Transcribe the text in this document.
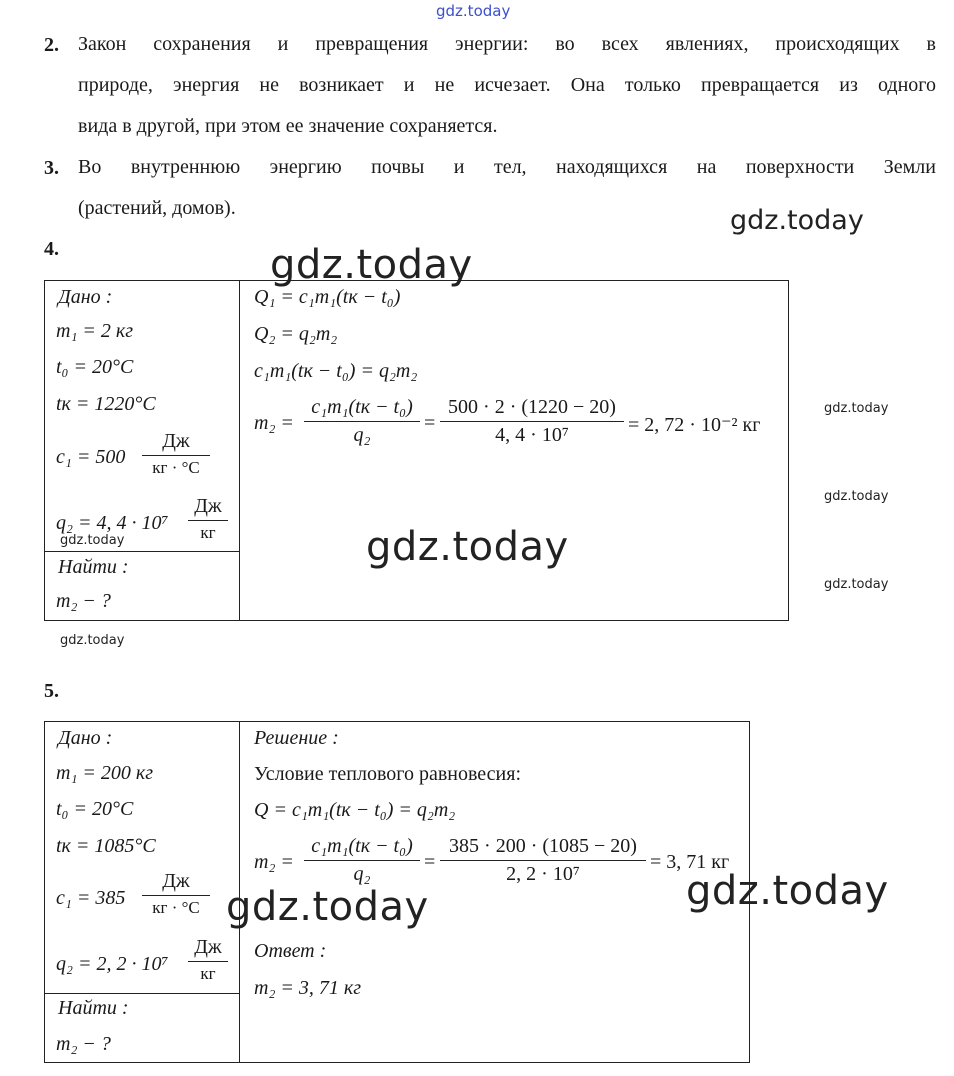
gdz.today
gdz.today
gdz.today
gdz.today
gdz.today
gdz.today
gdz.today
gdz.today
gdz.today
gdz.today
gdz.today
2. Закон сохранения и превращения энергии: во всех явлениях, происходящих в
природе, энергия не возникает и не исчезает. Она только превращается из одного
вида в другой, при этом ее значение сохраняется.
3. Во внутреннюю энергию почвы и тел, находящихся на поверхности Земли
(растений, домов).
4.
Дано :
m₁ = 2 кг
t₀ = 20°C
tк = 1220°C
c₁ = 500
Дж
кг · °C
q₂ = 4, 4 · 10⁷
Дж
кг
Найти :
m₂ − ?
Q₁ = c₁m₁(tк − t₀)
Q₂ = q₂m₂
c₁m₁(tк − t₀) = q₂m₂
m₂ =
c₁m₁(tк − t₀)
q₂
= $\frac{500 \cdot 2 \cdot (1220 - 20)}{\text{4, 4 · 10⁷}} = 2$, 72 · 10⁻² кг
5.
Дано :
m₁ = 200 кг
t₀ = 20°C
tк = 1085°C
c₁ = 385
Дж
кг · °C
q₂ = 2, 2 · 10⁷
Дж
кг
Найти :
m₂ − ?
Решение :
Условие теплового равновесия:
Q = c₁m₁(tк − t₀) = q₂m₂
m₂ =
c₁m₁(tк − t₀)
q₂
= $\frac{385 \cdot 200 \cdot (1085 - 20)}{\text{2, 2 · 10⁷}} = 3$, 71 кг
Ответ :
m₂ = 3, 71 кг
